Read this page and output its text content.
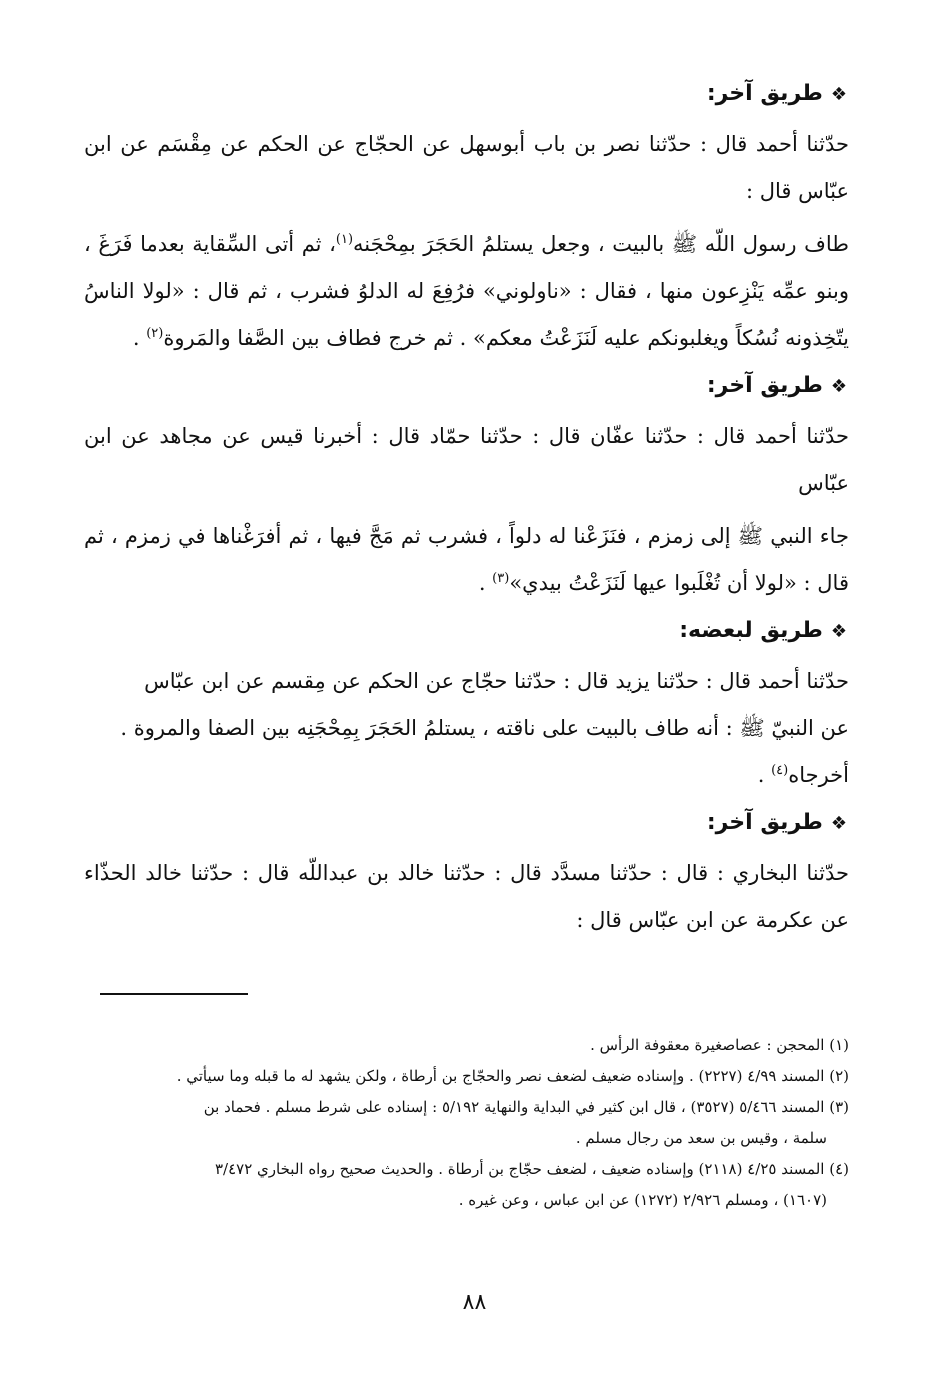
❖طريق آخر:

حدّثنا أحمد قال : حدّثنا نصر بن باب أبوسهل عن الحجّاج عن الحكم عن مِقْسَم عن ابن عبّاس قال :

طاف رسول اللّه ﷺ بالبيت ، وجعل يستلمُ الحَجَرَ بمِحْجَنه$^{(١)}$، ثم أتى السِّقاية بعدما فَرَغَ ، وبنو عمِّه يَنْزِعون منها ، فقال : «ناولوني» فرُفِعَ له الدلوُ فشرب ، ثم قال : «لولا الناسُ يتّخِذونه نُسُكاً ويغلبونكم عليه لَنَزَعْتُ معكم» . ثم خرج فطاف بين الصَّفا والمَروة$^{(٢)}$ .

❖طريق آخر:

حدّثنا أحمد قال : حدّثنا عفّان قال : حدّثنا حمّاد قال : أخبرنا قيس عن مجاهد عن ابن عبّاس

جاء النبي ﷺ إلى زمزم ، فنَزَعْنا له دلواً ، فشرب ثم مَجَّ فيها ، ثم أفرَغْناها في زمزم ، ثم قال : «لولا أن تُغْلَبوا عيها لَنَزَعْتُ بيدي»$^{(٣)}$ .

❖طريق لبعضه:

حدّثنا أحمد قال : حدّثنا يزيد قال : حدّثنا حجّاج عن الحكم عن مِقسم عن ابن عبّاس

عن النبيّ ﷺ : أنه طاف بالبيت على ناقته ، يستلمُ الحَجَرَ بِمِحْجَنِه بين الصفا والمروة .

أخرجاه$^{(٤)}$ .

❖طريق آخر:

حدّثنا البخاري : قال : حدّثنا مسدَّد قال : حدّثنا خالد بن عبداللّه قال : حدّثنا خالد الحذّاء عن عكرمة عن ابن عبّاس قال :

(١) المحجن : عصاصغيرة معقوفة الرأس .

(٢) المسند ٤/٩٩ (٢٢٢٧) . وإسناده ضعيف لضعف نصر والحجّاج بن أرطاة ، ولكن يشهد له ما قبله وما سيأتي .

(٣) المسند ٥/٤٦٦ (٣٥٢٧) ، قال ابن كثير في البداية والنهاية ٥/١٩٢ : إسناده على شرط مسلم . فحماد بن

سلمة ، وقيس بن سعد من رجال مسلم .

(٤) المسند ٤/٢٥ (٢١١٨) وإسناده ضعيف ، لضعف حجّاج بن أرطاة . والحديث صحيح رواه البخاري ٣/٤٧٢

(١٦٠٧) ، ومسلم ٢/٩٢٦ (١٢٧٢) عن ابن عباس ، وعن غيره .

٨٨
